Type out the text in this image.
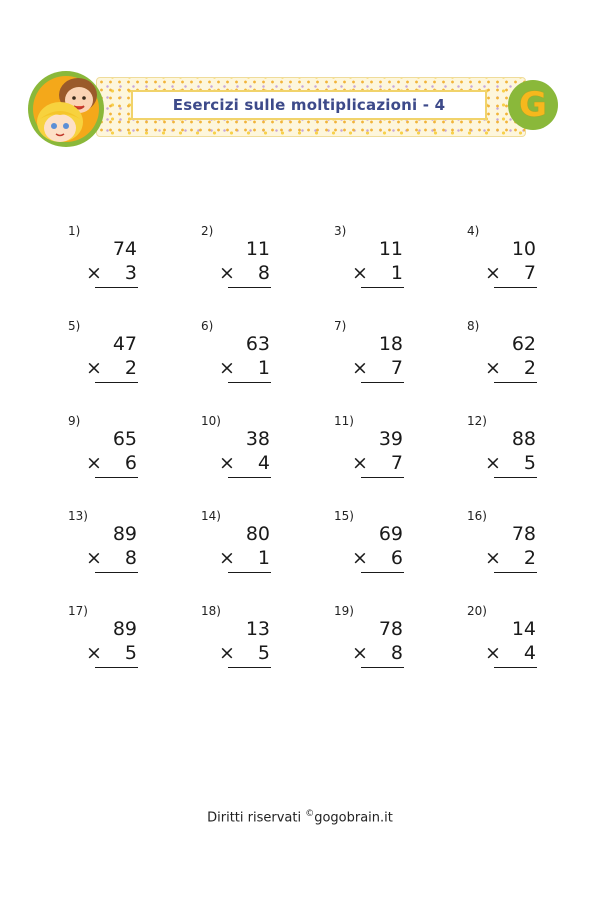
Esercizi sulle moltiplicazioni - 4 G
1)
74
× 3
2)
11
× 8
3)
11
× 1
4)
10
× 7
5)
47
× 2
6)
63
× 1
7)
18
× 7
8)
62
× 2
9)
65
× 6
10)
38
× 4
11)
39
× 7
12)
88
× 5
13)
89
× 8
14)
80
× 1
15)
69
× 6
16)
78
× 2
17)
89
× 5
18)
13
× 5
19)
78
× 8
20)
14
× 4
Diritti riservati ©gogobrain.it
